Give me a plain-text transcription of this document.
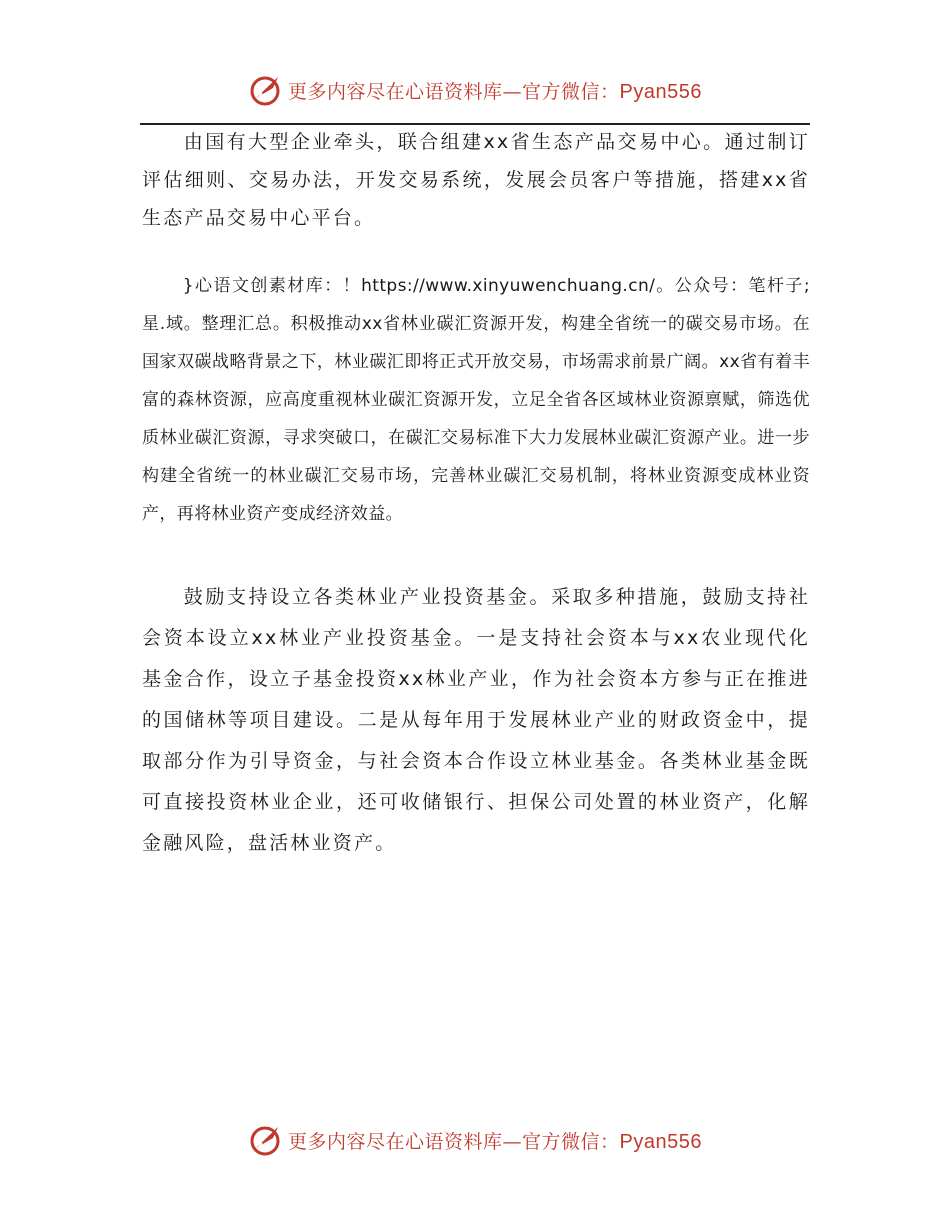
更多内容尽在心语资料库—官方微信：Pyan556

由国有大型企业牵头，联合组建xx省生态产品交易中心。通过制订评估细则、交易办法，开发交易系统，发展会员客户等措施，搭建xx省生态产品交易中心平台。

}心语文创素材库：！https://www.xinyuwenchuang.cn/。公众号：笔杆子;星.域。整理汇总。积极推动xx省林业碳汇资源开发，构建全省统一的碳交易市场。在国家双碳战略背景之下，林业碳汇即将正式开放交易，市场需求前景广阔。xx省有着丰富的森林资源，应高度重视林业碳汇资源开发，立足全省各区域林业资源禀赋，筛选优质林业碳汇资源，寻求突破口，在碳汇交易标准下大力发展林业碳汇资源产业。进一步构建全省统一的林业碳汇交易市场，完善林业碳汇交易机制，将林业资源变成林业资产，再将林业资产变成经济效益。

鼓励支持设立各类林业产业投资基金。采取多种措施，鼓励支持社会资本设立xx林业产业投资基金。一是支持社会资本与xx农业现代化基金合作，设立子基金投资xx林业产业，作为社会资本方参与正在推进的国储林等项目建设。二是从每年用于发展林业产业的财政资金中，提取部分作为引导资金，与社会资本合作设立林业基金。各类林业基金既可直接投资林业企业，还可收储银行、担保公司处置的林业资产，化解金融风险，盘活林业资产。

更多内容尽在心语资料库—官方微信：Pyan556
